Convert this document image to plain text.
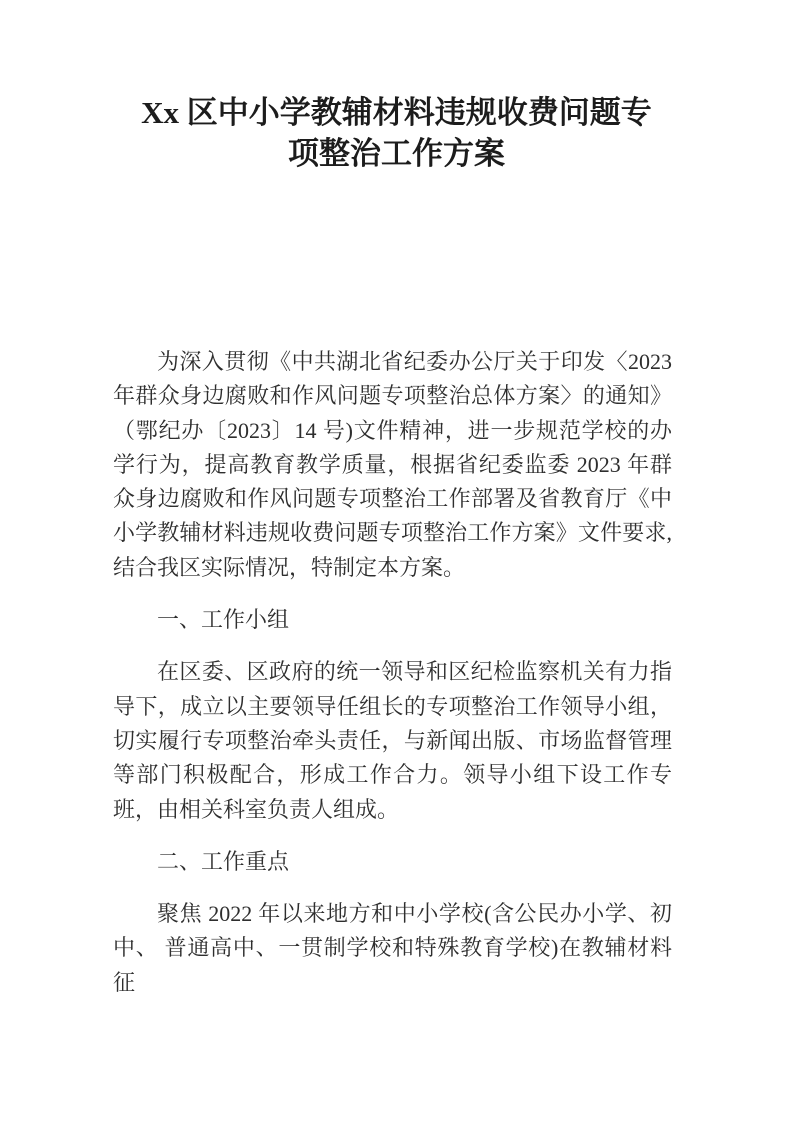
Xx 区中小学教辅材料违规收费问题专项整治工作方案

为深入贯彻《中共湖北省纪委办公厅关于印发〈2023 年群众身边腐败和作风问题专项整治总体方案〉的通知》（鄂纪办〔2023〕14 号)文件精神，进一步规范学校的办学行为，提高教育教学质量，根据省纪委监委 2023 年群众身边腐败和作风问题专项整治工作部署及省教育厅《中小学教辅材料违规收费问题专项整治工作方案》文件要求,结合我区实际情况，特制定本方案。

一、工作小组

在区委、区政府的统一领导和区纪检监察机关有力指导下，成立以主要领导任组长的专项整治工作领导小组，切实履行专项整治牵头责任，与新闻出版、市场监督管理等部门积极配合，形成工作合力。领导小组下设工作专班，由相关科室负责人组成。

二、工作重点

聚焦 2022 年以来地方和中小学校(含公民办小学、初中、 普通高中、一贯制学校和特殊教育学校)在教辅材料征
